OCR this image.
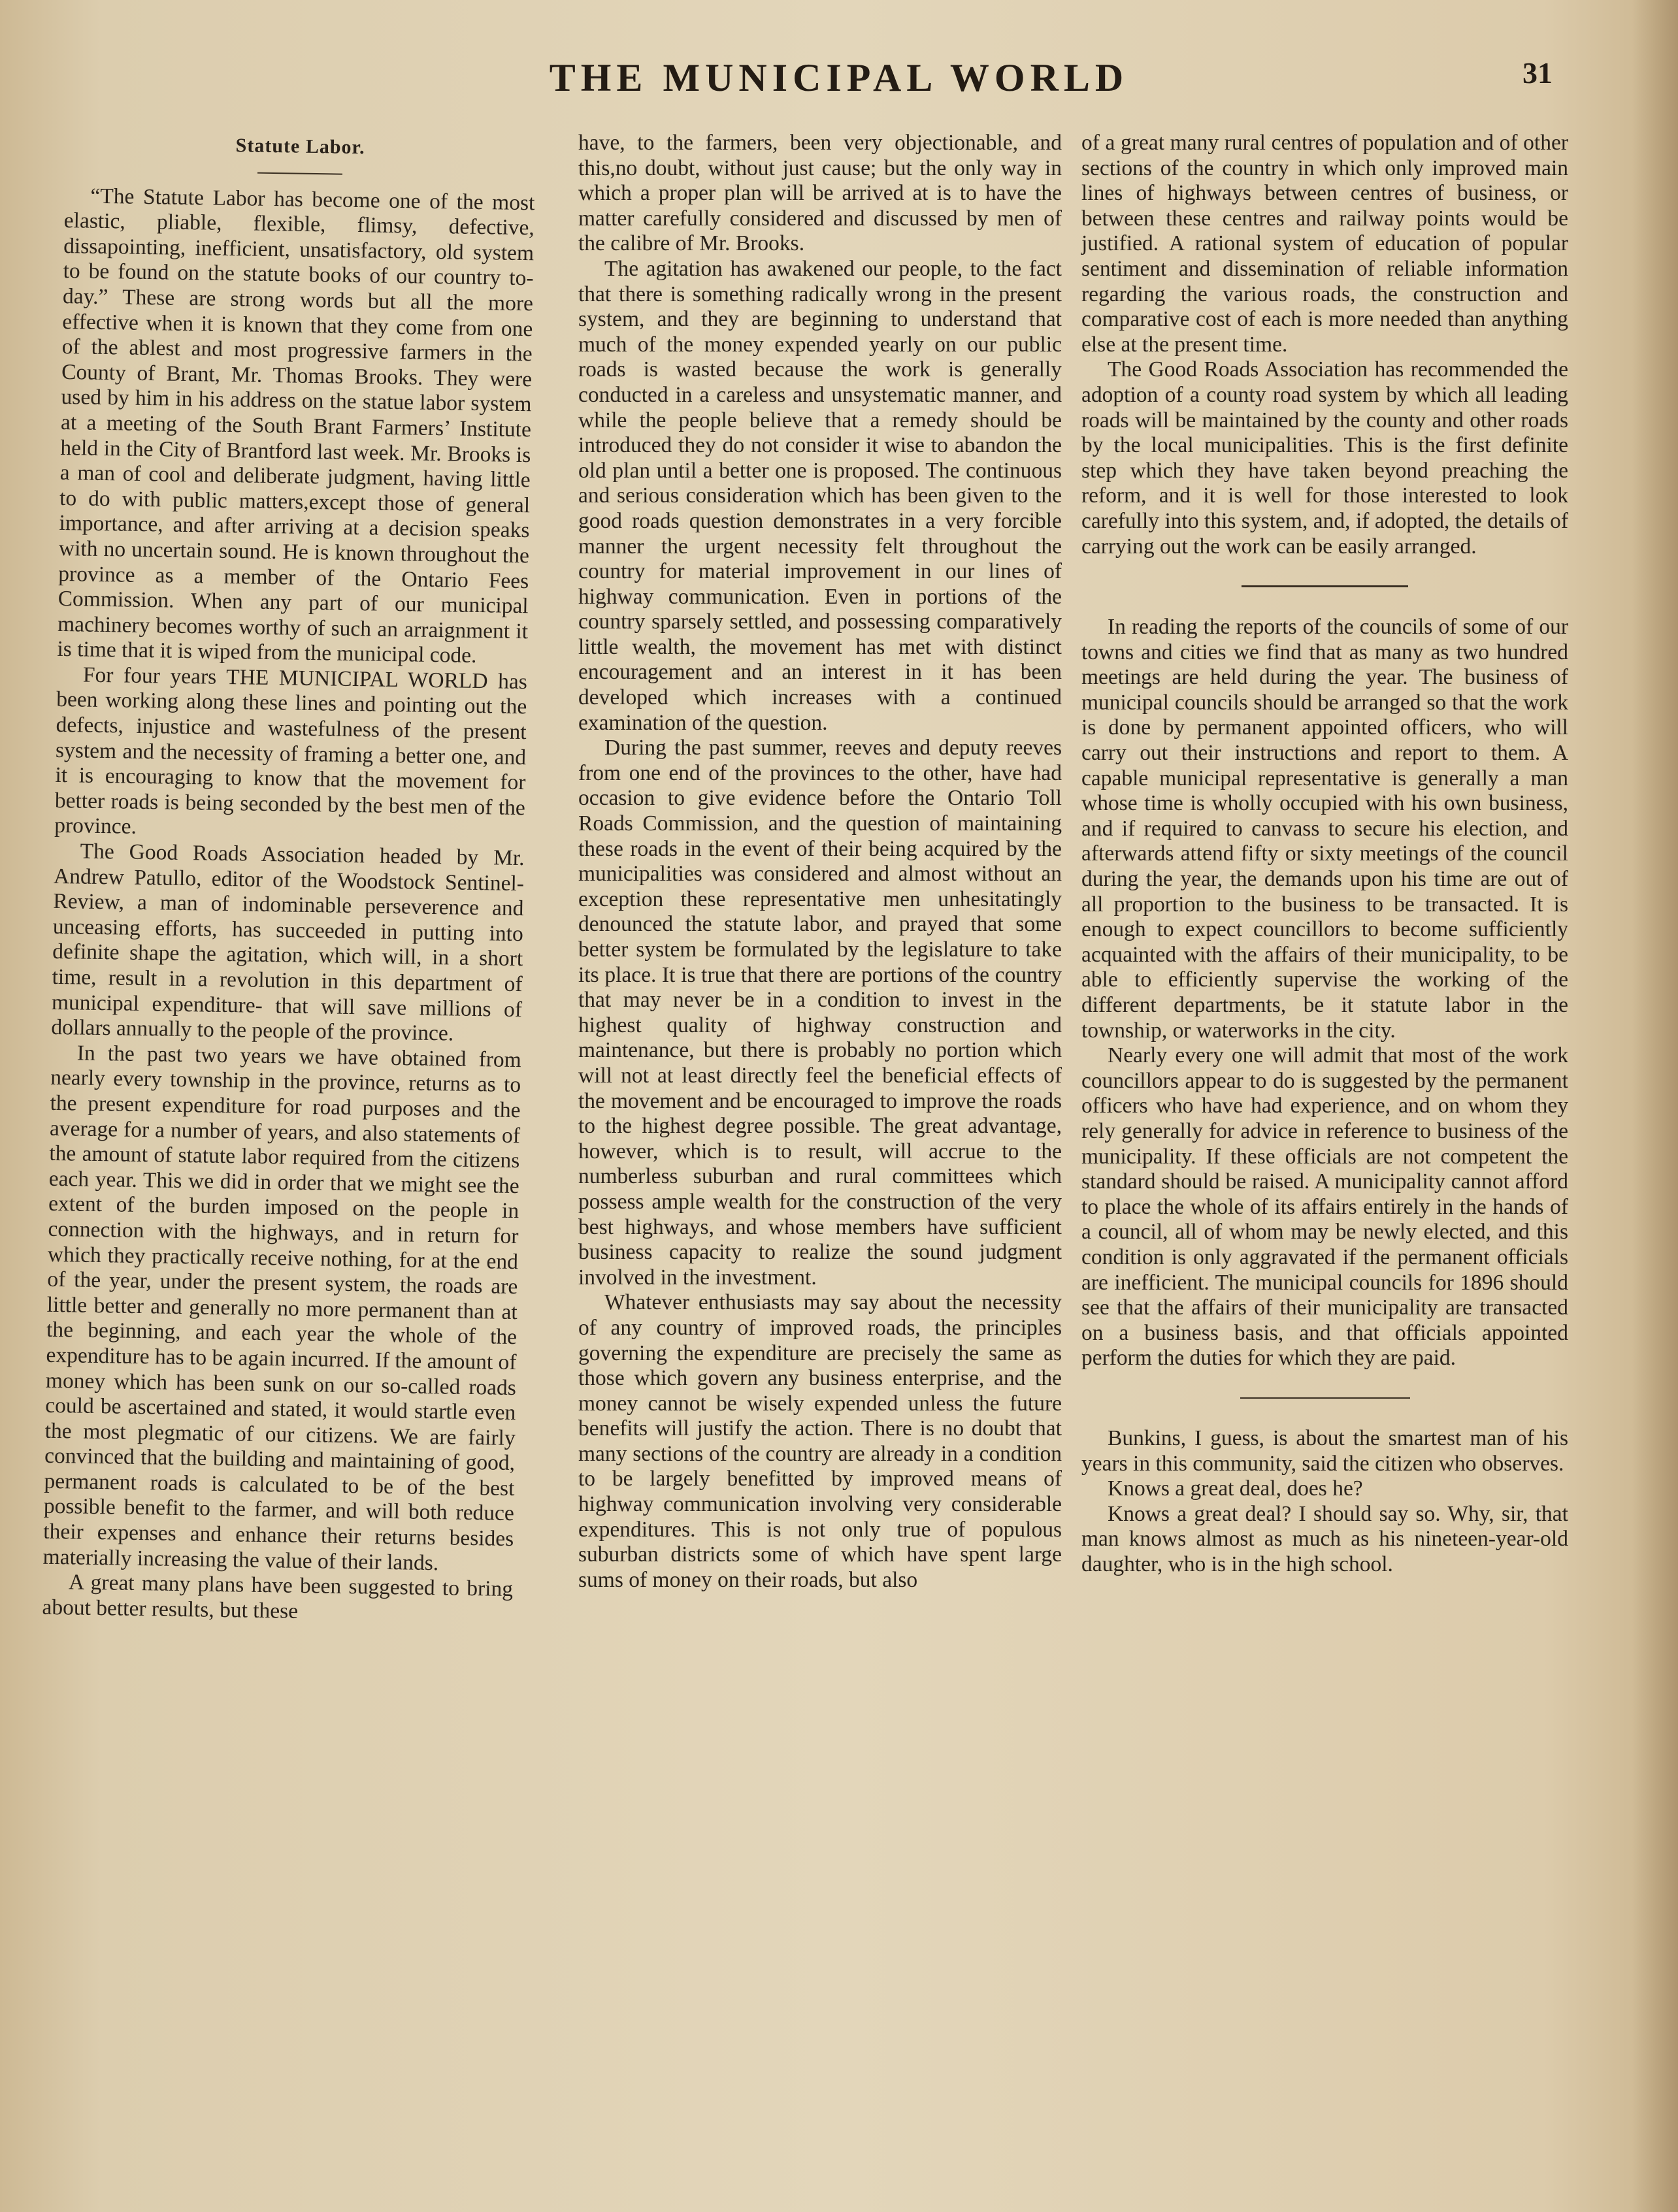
THE MUNICIPAL WORLD	31
Statute Labor.

“The Statute Labor has become one of the most elastic, pliable, flexible, flimsy, defective, dissapointing, inefficient, unsatisfactory, old system to be found on the statute books of our country to-day.” These are strong words but all the more effective when it is known that they come from one of the ablest and most progressive farmers in the County of Brant, Mr. Thomas Brooks. They were used by him in his address on the statue labor system at a meeting of the South Brant Farmers’ Institute held in the City of Brantford last week. Mr. Brooks is a man of cool and deliberate judgment, having little to do with public matters,except those of general importance, and after arriving at a decision speaks with no uncertain sound. He is known throughout the province as a member of the Ontario Fees Commission. When any part of our municipal machinery becomes worthy of such an arraignment it is time that it is wiped from the municipal code.

For four years THE MUNICIPAL WORLD has been working along these lines and pointing out the defects, injustice and wastefulness of the present system and the necessity of framing a better one, and it is encouraging to know that the movement for better roads is being seconded by the best men of the province.

The Good Roads Association headed by Mr. Andrew Patullo, editor of the Woodstock Sentinel-Review, a man of indominable perseverence and unceasing efforts, has succeeded in putting into definite shape the agitation, which will, in a short time, result in a revolution in this department of municipal expenditure- that will save millions of dollars annually to the people of the province.

In the past two years we have obtained from nearly every township in the province, returns as to the present expenditure for road purposes and the average for a number of years, and also statements of the amount of statute labor required from the citizens each year. This we did in order that we might see the extent of the burden imposed on the people in connection with the highways, and in return for which they practically receive nothing, for at the end of the year, under the present system, the roads are little better and generally no more permanent than at the beginning, and each year the whole of the expenditure has to be again incurred. If the amount of money which has been sunk on our so-called roads could be ascertained and stated, it would startle even the most plegmatic of our citizens. We are fairly convinced that the building and maintaining of good, permanent roads is calculated to be of the best possible benefit to the farmer, and will both reduce their expenses and enhance their returns besides materially increasing the value of their lands.

A great many plans have been suggested to bring about better results, but these

have, to the farmers, been very objectionable, and this,no doubt, without just cause; but the only way in which a proper plan will be arrived at is to have the matter carefully considered and discussed by men of the calibre of Mr. Brooks.

The agitation has awakened our people, to the fact that there is something radically wrong in the present system, and they are beginning to understand that much of the money expended yearly on our public roads is wasted because the work is generally conducted in a careless and unsystematic manner, and while the people believe that a remedy should be introduced they do not consider it wise to abandon the old plan until a better one is proposed. The continuous and serious consideration which has been given to the good roads question demonstrates in a very forcible manner the urgent necessity felt throughout the country for material improvement in our lines of highway communication. Even in portions of the country sparsely settled, and possessing comparatively little wealth, the movement has met with distinct encouragement and an interest in it has been developed which increases with a continued examination of the question.

During the past summer, reeves and deputy reeves from one end of the provinces to the other, have had occasion to give evidence before the Ontario Toll Roads Commission, and the question of maintaining these roads in the event of their being acquired by the municipalities was considered and almost without an exception these representative men unhesitatingly denounced the statute labor, and prayed that some better system be formulated by the legislature to take its place. It is true that there are portions of the country that may never be in a condition to invest in the highest quality of highway construction and maintenance, but there is probably no portion which will not at least directly feel the beneficial effects of the movement and be encouraged to improve the roads to the highest degree possible. The great advantage, however, which is to result, will accrue to the numberless suburban and rural committees which possess ample wealth for the construction of the very best highways, and whose members have sufficient business capacity to realize the sound judgment involved in the investment.

Whatever enthusiasts may say about the necessity of any country of improved roads, the principles governing the expenditure are precisely the same as those which govern any business enterprise, and the money cannot be wisely expended unless the future benefits will justify the action. There is no doubt that many sections of the country are already in a condition to be largely benefitted by improved means of highway communication involving very considerable expenditures. This is not only true of populous suburban districts some of which have spent large sums of money on their roads, but also

of a great many rural centres of population and of other sections of the country in which only improved main lines of highways between centres of business, or between these centres and railway points would be justified. A rational system of education of popular sentiment and dissemination of reliable information regarding the various roads, the construction and comparative cost of each is more needed than anything else at the present time.

The Good Roads Association has recommended the adoption of a county road system by which all leading roads will be maintained by the county and other roads by the local municipalities. This is the first definite step which they have taken beyond preaching the reform, and it is well for those interested to look carefully into this system, and, if adopted, the details of carrying out the work can be easily arranged.

In reading the reports of the councils of some of our towns and cities we find that as many as two hundred meetings are held during the year. The business of municipal councils should be arranged so that the work is done by permanent appointed officers, who will carry out their instructions and report to them. A capable municipal representative is generally a man whose time is wholly occupied with his own business, and if required to canvass to secure his election, and afterwards attend fifty or sixty meetings of the council during the year, the demands upon his time are out of all proportion to the business to be transacted. It is enough to expect councillors to become sufficiently acquainted with the affairs of their municipality, to be able to efficiently supervise the working of the different departments, be it statute labor in the township, or waterworks in the city.

Nearly every one will admit that most of the work councillors appear to do is suggested by the permanent officers who have had experience, and on whom they rely generally for advice in reference to business of the municipality. If these officials are not competent the standard should be raised. A municipality cannot afford to place the whole of its affairs entirely in the hands of a council, all of whom may be newly elected, and this condition is only aggravated if the permanent officials are inefficient. The municipal councils for 1896 should see that the affairs of their municipality are transacted on a business basis, and that officials appointed perform the duties for which they are paid.

Bunkins, I guess, is about the smartest man of his years in this community, said the citizen who observes.

Knows a great deal, does he?

Knows a great deal? I should say so. Why, sir, that man knows almost as much as his nineteen-year-old daughter, who is in the high school.
